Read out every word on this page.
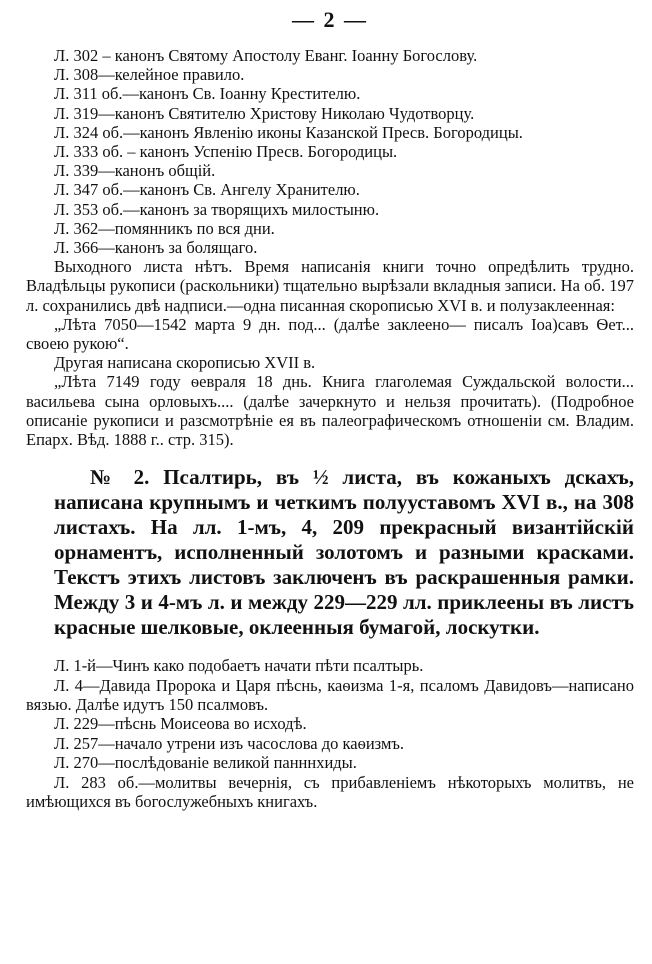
— 2 —

Л. 302 – канонъ Святому Апостолу Еванг. Іоанну Богослову.

Л. 308—келейное правило.

Л. 311 об.—канонъ Св. Іоанну Крестителю.

Л. 319—канонъ Святителю Христову Николаю Чудотворцу.

Л. 324 об.—канонъ Явленію иконы Казанской Пресв. Богородицы.

Л. 333 об. – канонъ Успенію Пресв. Богородицы.

Л. 339—канонъ общій.

Л. 347 об.—канонъ Св. Ангелу Хранителю.

Л. 353 об.—канонъ за творящихъ милостыню.

Л. 362—помянникъ по вся дни.

Л. 366—канонъ за болящаго.

Выходного листа нѣтъ. Время написанія книги точно опредѣлить трудно. Владѣльцы рукописи (раскольники) тщательно вырѣзали вкладныя записи. На об. 197 л. сохранились двѣ надписи.—одна писанная скорописью XVI в. и полузаклеенная:

„Лѣта 7050—1542 марта 9 дн. под... (далѣе заклеено— писалъ Іоа)савъ Ѳет... своею рукою“.

Другая написана скорописью XVII в.

„Лѣта 7149 году ѳевраля 18 днь. Книга глаголемая Суждальской волости... васильева сына орловыхъ.... (далѣе зачеркнуто и нельзя прочитать). (Подробное описаніе рукописи и разсмотрѣніе ея въ палеографическомъ отношеніи см. Владим. Епарх. Вѣд. 1888 г.. стр. 315).

№ 2. Псалтирь, въ ½ листа, въ кожаныхъ дскахъ, написана крупнымъ и четкимъ полууставомъ XVI в., на 308 листахъ. На лл. 1-мъ, 4, 209 прекрасный византійскій орнаментъ, исполненный золотомъ и разными красками. Текстъ этихъ листовъ заключенъ въ раскрашенныя рамки. Между 3 и 4-мъ л. и между 229—229 лл. приклеены въ листъ красные шелковые, оклеенныя бумагой, лоскутки.

Л. 1-й—Чинъ како подобаетъ начати пѣти псалтырь.

Л. 4—Давида Пророка и Царя пѣснь, каѳизма 1-я, псаломъ Давидовъ—написано вязью. Далѣе идутъ 150 псалмовъ.

Л. 229—пѣснь Моисеова во исходѣ.

Л. 257—начало утрени изъ часослова до каѳизмъ.

Л. 270—послѣдованіе великой панннхиды.

Л. 283 об.—молитвы вечернія, съ прибавленіемъ нѣкоторыхъ молитвъ, не имѣющихся въ богослужебныхъ книгахъ.
